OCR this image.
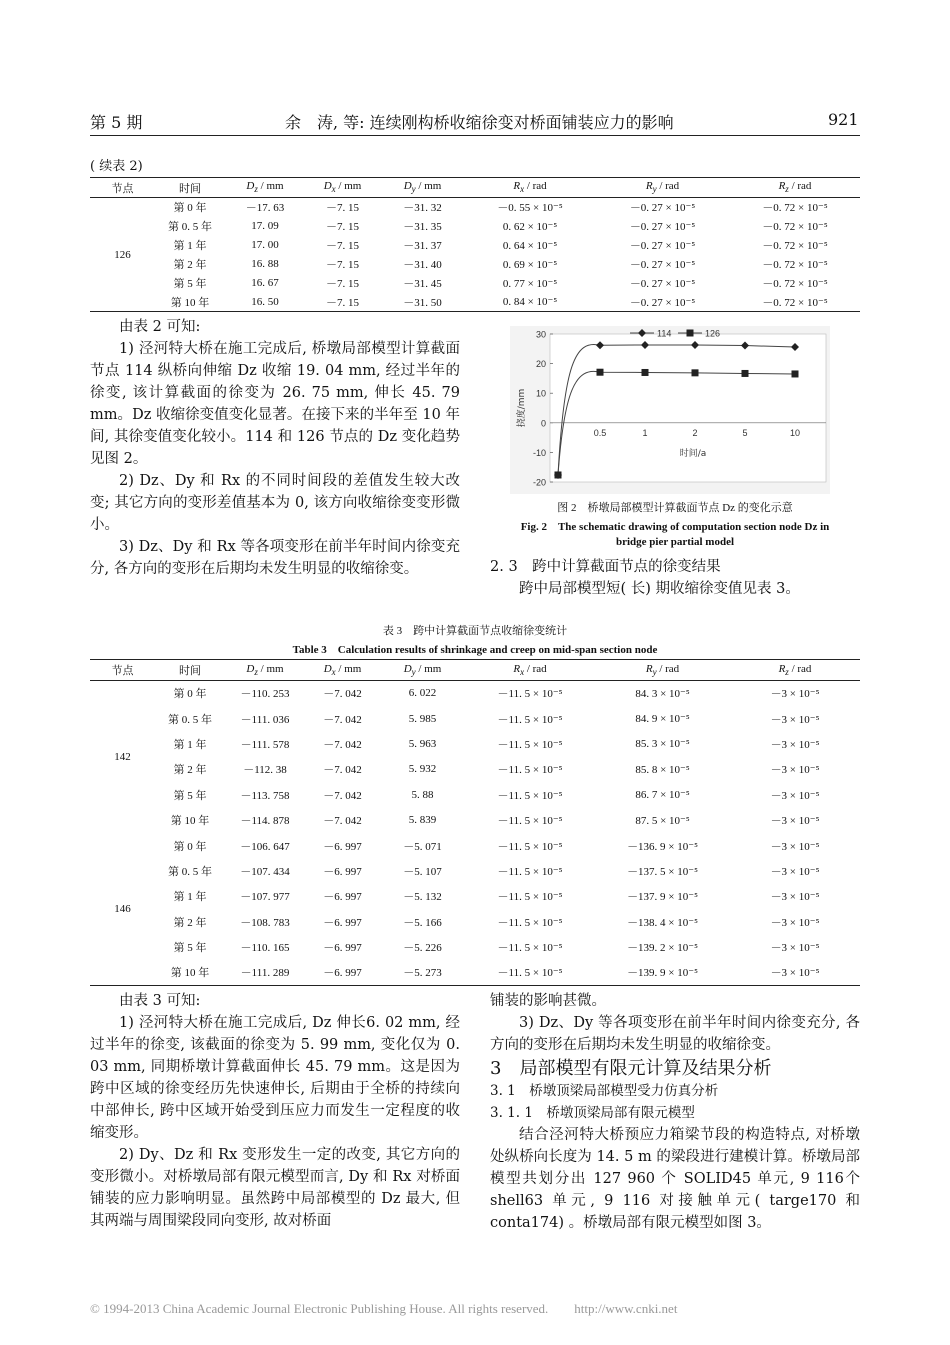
第 5 期	余　涛, 等: 连续刚构桥收缩徐变对桥面铺装应力的影响	921
( 续表 2)
节点	时间	$D_z$ / mm	$D_x$ / mm	$D_y$ / mm	$R_x$ / rad	$R_y$ / rad	$R_z$ / rad
126	第 0 年	－17. 63	－7. 15	－31. 32	－0. 55 × 10⁻⁵	－0. 27 × 10⁻⁵	－0. 72 × 10⁻⁵
	第 0. 5 年	17. 09	－7. 15	－31. 35	0. 62 × 10⁻⁵	－0. 27 × 10⁻⁵	－0. 72 × 10⁻⁵
	第 1 年	17. 00	－7. 15	－31. 37	0. 64 × 10⁻⁵	－0. 27 × 10⁻⁵	－0. 72 × 10⁻⁵
	第 2 年	16. 88	－7. 15	－31. 40	0. 69 × 10⁻⁵	－0. 27 × 10⁻⁵	－0. 72 × 10⁻⁵
	第 5 年	16. 67	－7. 15	－31. 45	0. 77 × 10⁻⁵	－0. 27 × 10⁻⁵	－0. 72 × 10⁻⁵
	第 10 年	16. 50	－7. 15	－31. 50	0. 84 × 10⁻⁵	－0. 27 × 10⁻⁵	－0. 72 × 10⁻⁵

由表 2 可知:

1) 泾河特大桥在施工完成后, 桥墩局部模型计算截面节点 114 纵桥向伸缩 Dz 收缩 19. 04 mm, 经过半年的徐变, 该计算截面的徐变为 26. 75 mm, 伸长 45. 79 mm。Dz 收缩徐变值变化显著。在接下来的半年至 10 年间, 其徐变值变化较小。114 和 126 节点的 Dz 变化趋势见图 2。

2) Dz、Dy 和 Rx 的不同时间段的差值发生较大改变; 其它方向的变形差值基本为 0, 该方向收缩徐变变形微小。

3) Dz、Dy 和 Rx 等各项变形在前半年时间内徐变充分, 各方向的变形在后期均未发生明显的收缩徐变。

30
20
10
0
-10
-20
0.5	1	2	5	10
时间/a
挠度/mm
114	126
图 2　桥墩局部模型计算截面节点 Dz 的变化示意
Fig. 2　The schematic drawing of computation section node Dz in
bridge pier partial model

2. 3　跨中计算截面节点的徐变结果

跨中局部模型短( 长) 期收缩徐变值见表 3。

表 3　跨中计算截面节点收缩徐变统计
Table 3　Calculation results of shrinkage and creep on mid-span section node
节点	时间	$D_z$ / mm	$D_x$ / mm	$D_y$ / mm	$R_x$ / rad	$R_y$ / rad	$R_z$ / rad
142	第 0 年	－110. 253	－7. 042	6. 022	－11. 5 × 10⁻⁵	84. 3 × 10⁻⁵	－3 × 10⁻⁵
	第 0. 5 年	－111. 036	－7. 042	5. 985	－11. 5 × 10⁻⁵	84. 9 × 10⁻⁵	－3 × 10⁻⁵
	第 1 年	－111. 578	－7. 042	5. 963	－11. 5 × 10⁻⁵	85. 3 × 10⁻⁵	－3 × 10⁻⁵
	第 2 年	－112. 38	－7. 042	5. 932	－11. 5 × 10⁻⁵	85. 8 × 10⁻⁵	－3 × 10⁻⁵
	第 5 年	－113. 758	－7. 042	5. 88	－11. 5 × 10⁻⁵	86. 7 × 10⁻⁵	－3 × 10⁻⁵
	第 10 年	－114. 878	－7. 042	5. 839	－11. 5 × 10⁻⁵	87. 5 × 10⁻⁵	－3 × 10⁻⁵
146	第 0 年	－106. 647	－6. 997	－5. 071	－11. 5 × 10⁻⁵	－136. 9 × 10⁻⁵	－3 × 10⁻⁵
	第 0. 5 年	－107. 434	－6. 997	－5. 107	－11. 5 × 10⁻⁵	－137. 5 × 10⁻⁵	－3 × 10⁻⁵
	第 1 年	－107. 977	－6. 997	－5. 132	－11. 5 × 10⁻⁵	－137. 9 × 10⁻⁵	－3 × 10⁻⁵
	第 2 年	－108. 783	－6. 997	－5. 166	－11. 5 × 10⁻⁵	－138. 4 × 10⁻⁵	－3 × 10⁻⁵
	第 5 年	－110. 165	－6. 997	－5. 226	－11. 5 × 10⁻⁵	－139. 2 × 10⁻⁵	－3 × 10⁻⁵
	第 10 年	－111. 289	－6. 997	－5. 273	－11. 5 × 10⁻⁵	－139. 9 × 10⁻⁵	－3 × 10⁻⁵

由表 3 可知:

1) 泾河特大桥在施工完成后, Dz 伸长6. 02 mm, 经过半年的徐变, 该截面的徐变为 5. 99 mm, 变化仅为 0. 03 mm, 同期桥墩计算截面伸长 45. 79 mm。这是因为跨中区域的徐变经历先快速伸长, 后期由于全桥的持续向中部伸长, 跨中区域开始受到压应力而发生一定程度的收缩变形。

2) Dy、Dz 和 Rx 变形发生一定的改变, 其它方向的变形微小。对桥墩局部有限元模型而言, Dy 和 Rx 对桥面铺装的应力影响明显。虽然跨中局部模型的 Dz 最大, 但其两端与周围梁段同向变形, 故对桥面

铺装的影响甚微。

3) Dz、Dy 等各项变形在前半年时间内徐变充分, 各方向的变形在后期均未发生明显的收缩徐变。

3　局部模型有限元计算及结果分析

3. 1　桥墩顶梁局部模型受力仿真分析

3. 1. 1　桥墩顶梁局部有限元模型

结合泾河特大桥预应力箱梁节段的构造特点, 对桥墩处纵桥向长度为 14. 5 m 的梁段进行建模计算。桥墩局部模型共划分出 127 960 个 SOLID45 单元, 9 116个 shell63 单元, 9 116 对接触单元( targe170 和 conta174) 。桥墩局部有限元模型如图 3。

© 1994-2013 China Academic Journal Electronic Publishing House. All rights reserved.　　http://www.cnki.net
